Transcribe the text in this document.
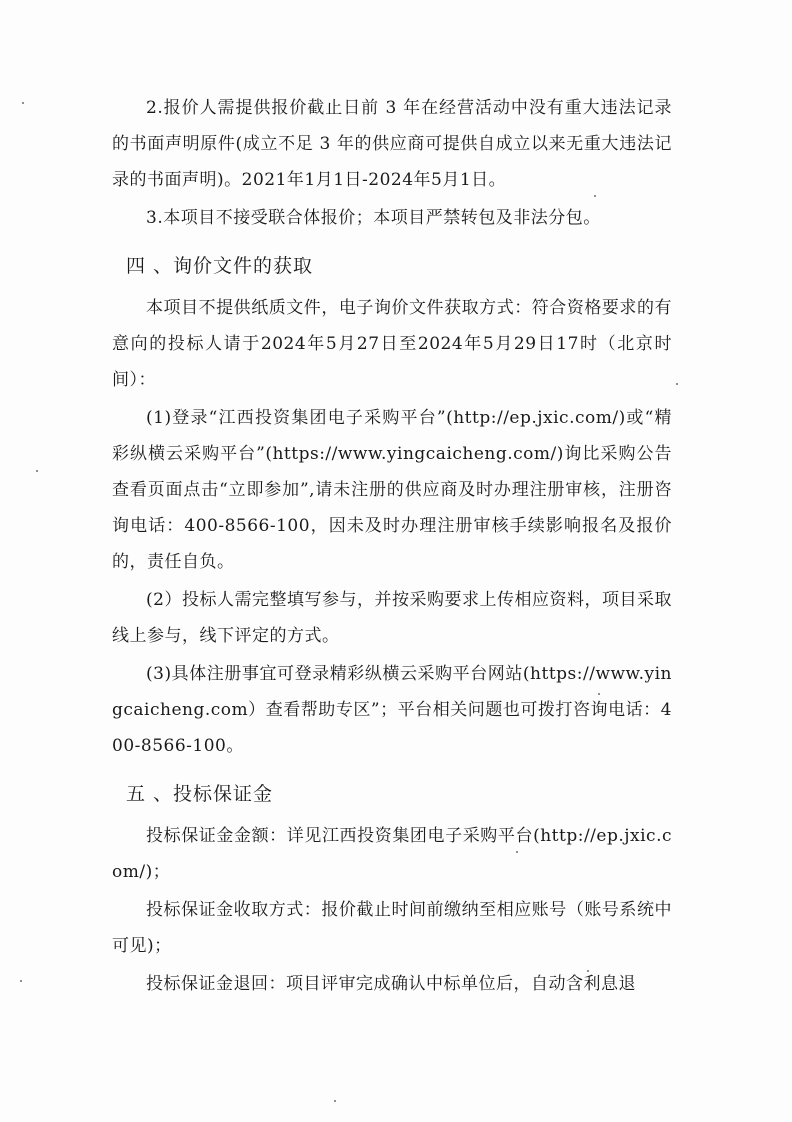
2.报价人需提供报价截止日前 3 年在经营活动中没有重大违法记录的书面声明原件(成立不足 3 年的供应商可提供自成立以来无重大违法记录的书面声明)。2021年1月1日-2024年5月1日。

3.本项目不接受联合体报价；本项目严禁转包及非法分包。

四 、询价文件的获取

本项目不提供纸质文件，电子询价文件获取方式：符合资格要求的有意向的投标人请于2024年5月27日至2024年5月29日17时（北京时间）：

(1)登录“江西投资集团电子采购平台”(http://ep.jxic.com/)或“精彩纵横云采购平台”(https://www.yingcaicheng.com/)询比采购公告查看页面点击“立即参加”,请未注册的供应商及时办理注册审核，注册咨询电话：400-8566-100，因未及时办理注册审核手续影响报名及报价的，责任自负。

(2）投标人需完整填写参与，并按采购要求上传相应资料，项目采取线上参与，线下评定的方式。

(3)具体注册事宜可登录精彩纵横云采购平台网站(https://www.yingcaicheng.com）查看帮助专区”；平台相关问题也可拨打咨询电话：400-8566-100。

五 、投标保证金

投标保证金金额：详见江西投资集团电子采购平台(http://ep.jxic.com/)；

投标保证金收取方式：报价截止时间前缴纳至相应账号（账号系统中可见)；

投标保证金退回：项目评审完成确认中标单位后，自动含利息退
